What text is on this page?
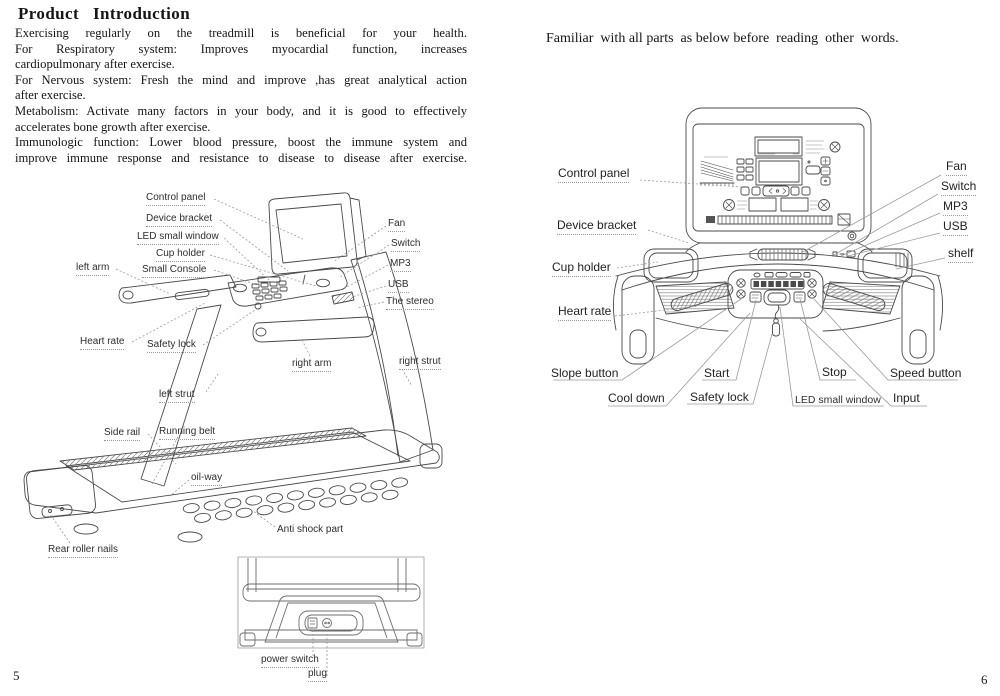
Product   Introduction
Exercising regularly on the treadmill is beneficial for your health.
For Respiratory system: Improves myocardial function, increases
cardiopulmonary after exercise.
For Nervous system: Fresh the mind and improve ,has great analytical action
after exercise.
Metabolism: Activate many factors in your body, and it is good to effectively
accelerates bone growth after exercise.
Immunologic function: Lower blood pressure, boost the immune system and
improve immune response and resistance to disease to disease after exercise.
Familiar  with all parts  as below before  reading  other  words.
Control panel
Device bracket
LED small window
Cup holder
Small Console
left arm
Heart rate Safety lock
Fan
Switch
MP3
USB
The stereo
right arm	right strut
left strut
Side rail Running belt
oil-way
Anti shock part
Rear roller nails
power switch
plug
Control panel
Device bracket
Cup holder
Heart rate
Slope button
Cool down
Start
Safety lock
Stop
LED small window Input
Speed button
Fan
Switch
MP3
USB
shelf
5	6
